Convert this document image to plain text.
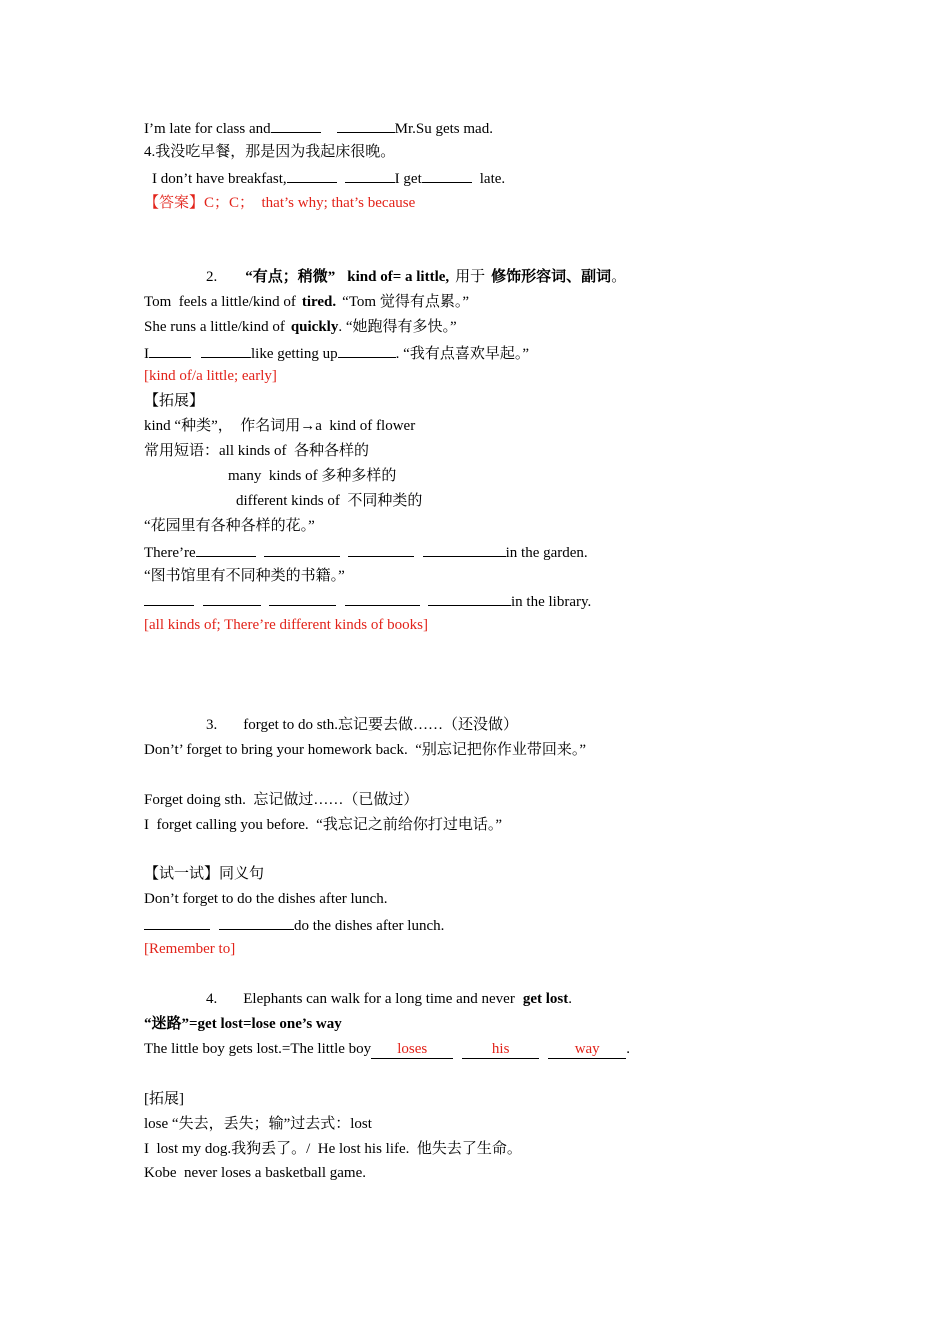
I’m late for class and	Mr.Su gets mad.
4.我没吃早餐，那是因为我起床很晚。
I don’t have breakfast,	I get	late.
【答案】C；C；  that’s why; that’s because
2. “有点；稍微” kind of= a little, 用于 修饰形容词、副词。
Tom  feels a little/kind of tired. “Tom 觉得有点累。”
She runs a little/kind of quickly. “她跑得有多快。”
I	like getting up	. “我有点喜欢早起。”
[kind of/a little; early]
【拓展】
kind “种类”，  作名词用→a  kind of flower
常用短语：all kinds of  各种各样的
many  kinds of 多种多样的
different kinds of  不同种类的
“花园里有各种各样的花。”
There’re	in the garden.
“图书馆里有不同种类的书籍。”
in the library.
[all kinds of; There’re different kinds of books]
3. forget to do sth.忘记要去做……（还没做）
Don’t’ forget to bring your homework back.  “别忘记把你作业带回来。”
Forget doing sth.  忘记做过……（已做过）
I  forget calling you before.  “我忘记之前给你打过电话。”
【试一试】同义句
Don’t forget to do the dishes after lunch.
do the dishes after lunch.
[Remember to]
4. Elephants can walk for a long time and never get lost.
“迷路”=get lost=lose one’s way
The little boy gets lost.=The little boy loses	his	way .
[拓展]
lose “失去，丢失；输”过去式：lost
I  lost my dog.我狗丢了。/  He lost his life.  他失去了生命。
Kobe  never loses a basketball game.
